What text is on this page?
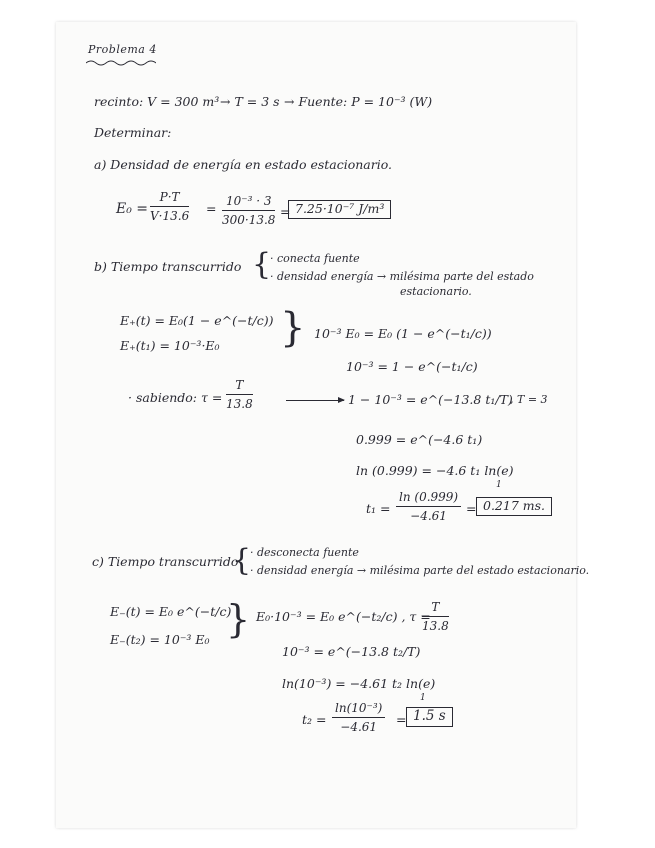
Problema 4
recinto: V = 300 m³ → T = 3 s → Fuente: P = 10⁻³ (W)
Determinar:
a) Densidad de energía en estado estacionario.
E₀ =
P·T
V·13.6 = 10⁻³ · 3
300·13.8
= 7.25·10⁻⁷ J/m³
b) Tiempo transcurrido {
· conecta fuente
· densidad energía → milésima parte del estado
estacionario.
E₊(t) = E₀(1 − e^(−t/c))
E₊(t₁) = 10⁻³·E₀ } 10⁻³ E₀ = E₀ (1 − e^(−t₁/c))
10⁻³ = 1 − e^(−t₁/c)
· sabiendo: τ =
T
13.8	1 − 10⁻³ = e^(−13.8 t₁/T)
, T = 3
0.999 = e^(−4.6 t₁)
ln (0.999) = −4.6 t₁ ln(e)
1
t₁ =
ln (0.999)
−4.61 = 0.217 ms.
c) Tiempo transcurrido
{
· desconecta fuente
· densidad energía → milésima parte del estado estacionario.
E₋(t) = E₀ e^(−t/c)
E₋(t₂) = 10⁻³ E₀ } E₀·10⁻³ = E₀ e^(−t₂/c) , τ =
T
13.8
10⁻³ = e^(−13.8 t₂/T)
ln(10⁻³) = −4.61 t₂ ln(e)
1
t₂ =
ln(10⁻³)
−4.61 = 1.5 s
